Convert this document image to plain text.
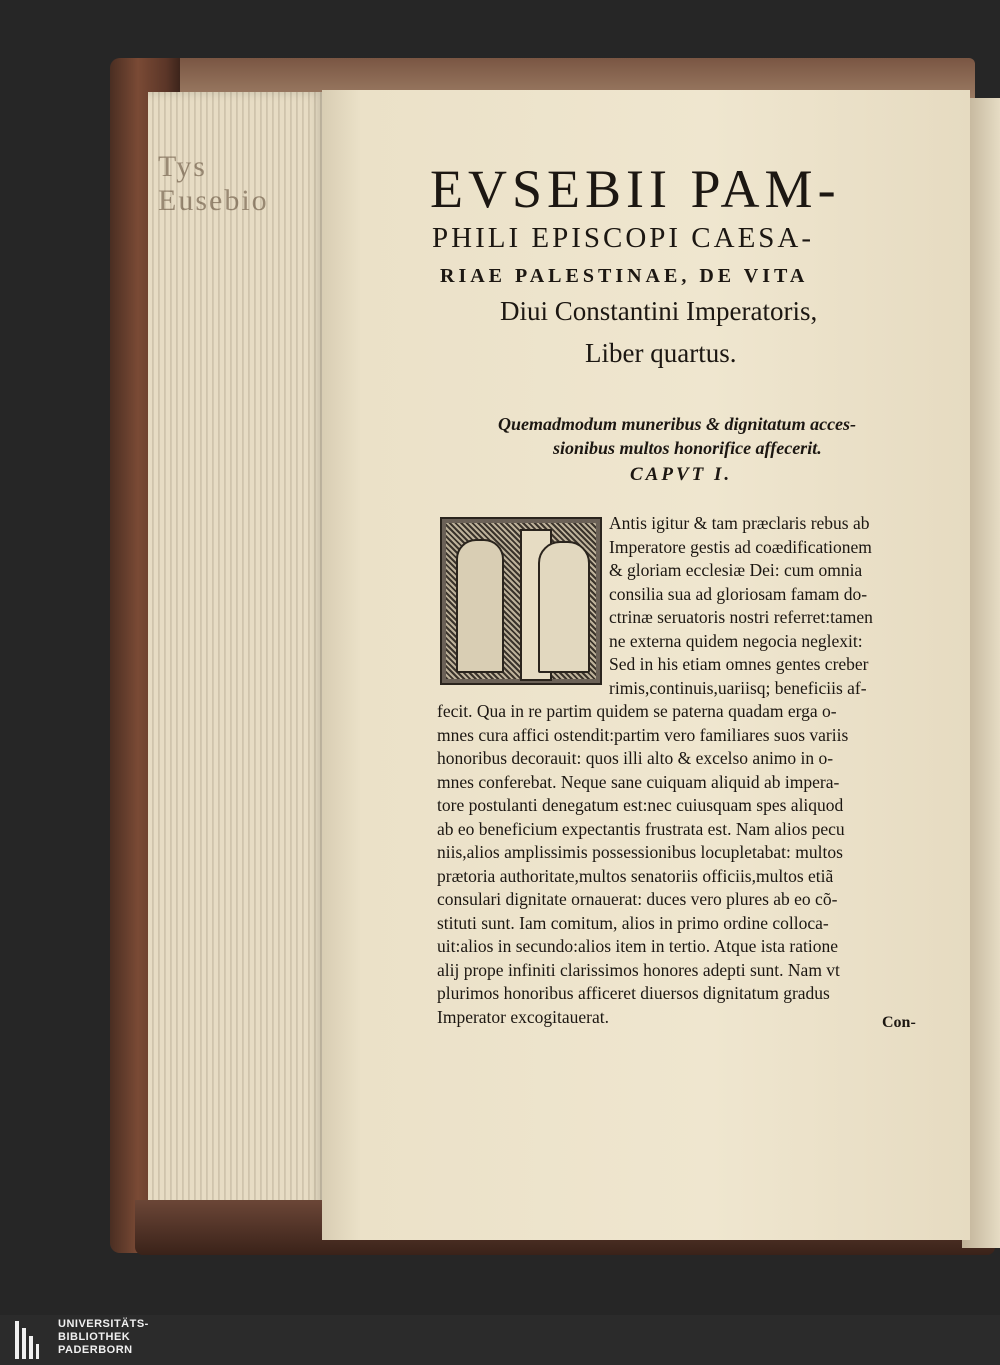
Tys Eusebio	EVSEBII PAM-
PHILI EPISCOPI CAESA-
RIAE PALESTINAE, DE VITA
Diui Constantini Imperatoris,
Liber quartus.
Quemadmodum muneribus & dignitatum acces-
sionibus multos honorifice affecerit.
CAPVT I.
Antis igitur & tam præclaris rebus ab
Imperatore gestis ad coædificationem
& gloriam ecclesiæ Dei: cum omnia
consilia sua ad gloriosam famam do-
ctrinæ seruatoris nostri referret:tamen
ne externa quidem negocia neglexit:
Sed in his etiam omnes gentes creber
rimis,continuis,uariisq; beneficiis af-
fecit. Qua in re partim quidem se paterna quadam erga o-
mnes cura affici ostendit:partim vero familiares suos variis
honoribus decorauit: quos illi alto & excelso animo in o-
mnes conferebat. Neque sane cuiquam aliquid ab impera-
tore postulanti denegatum est:nec cuiusquam spes aliquod
ab eo beneficium expectantis frustrata est. Nam alios pecu
niis,alios amplissimis possessionibus locupletabat: multos
prætoria authoritate,multos senatoriis officiis,multos etiã
consulari dignitate ornauerat: duces vero plures ab eo cõ-
stituti sunt. Iam comitum, alios in primo ordine colloca-
uit:alios in secundo:alios item in tertio. Atque ista ratione
alij prope infiniti clarissimos honores adepti sunt. Nam vt
plurimos honoribus afficeret diuersos dignitatum gradus
Imperator excogitauerat.	Con-
UNIVERSITÄTS-
BIBLIOTHEK
PADERBORN
